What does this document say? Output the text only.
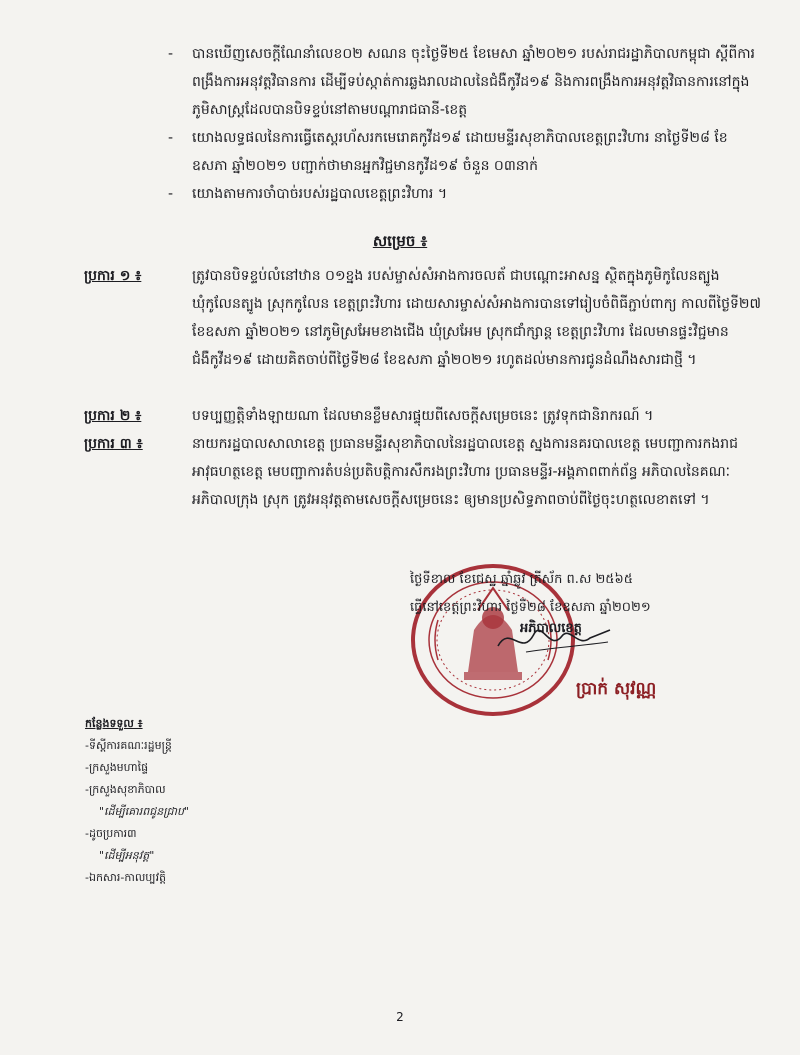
-	បានឃើញសេចក្តីណែនាំលេខ០២ សណន ចុះថ្ងៃទី២៥ ខែមេសា ឆ្នាំ២០២១ របស់រាជរដ្ឋាភិបាលកម្ពុជា ស្តីពីការពង្រឹងការអនុវត្តវិធានការ ដើម្បីទប់ស្កាត់ការឆ្លងរាលដាលនៃជំងឺកូវីដ១៩ និងការពង្រឹងការអនុវត្តវិធានការនៅក្នុងភូមិសាស្ត្រដែលបានបិទខ្ទប់នៅតាមបណ្តារាជធានី-ខេត្ត
-	យោងលទ្ធផលនៃការធ្វើតេស្តរហ័សរកមេរោគកូវីដ១៩ ដោយមន្ទីរសុខាភិបាលខេត្តព្រះវិហារ នាថ្ងៃទី២៨ ខែឧសភា ឆ្នាំ២០២១ បញ្ជាក់ថាមានអ្នកវិជ្ជមានកូវីដ១៩ ចំនួន ០៣នាក់
-	យោងតាមការចាំបាច់របស់រដ្ឋបាលខេត្តព្រះវិហារ ។
សម្រេច ៖
ប្រការ ១ ៖	ត្រូវបានបិទខ្ទប់លំនៅឋាន ០១ខ្នង របស់ម្ចាស់សំអាងការចលត័ ជាបណ្តោះអាសន្ន ស្ថិតក្នុងភូមិកូលែនត្បូង ឃុំកូលែនត្បូង ស្រុកកូលែន ខេត្តព្រះវិហារ ដោយសារម្ចាស់សំអាងការបានទៅរៀបចំពិធីភ្ជាប់ពាក្យ កាលពីថ្ងៃទី២៧ ខែឧសភា ឆ្នាំ២០២១ នៅភូមិស្រអែមខាងជើង ឃុំស្រអែម ស្រុកជាំក្សាន្ត ខេត្តព្រះវិហារ ដែលមានផ្ទះវិជ្ជមានជំងឺកូវីដ១៩ ដោយគិតចាប់ពីថ្ងៃទី២៨ ខែឧសភា ឆ្នាំ២០២១ រហូតដល់មានការជូនដំណឹងសារជាថ្មី ។
ប្រការ ២ ៖	បទប្បញ្ញត្តិទាំងឡាយណា ដែលមានខ្លឹមសារផ្ទុយពីសេចក្តីសម្រេចនេះ ត្រូវទុកជានិរាករណ៍ ។
ប្រការ ៣ ៖	នាយករដ្ឋបាលសាលាខេត្ត ប្រធានមន្ទីរសុខាភិបាលនៃរដ្ឋបាលខេត្ត ស្នងការនគរបាលខេត្ត មេបញ្ជាការកងរាជអាវុធហត្ថខេត្ត មេបញ្ជាការតំបន់ប្រតិបត្តិការសឹករងព្រះវិហារ ប្រធានមន្ទីរ-អង្គភាពពាក់ព័ន្ធ អភិបាលនៃគណៈអភិបាលក្រុង ស្រុក ត្រូវអនុវត្តតាមសេចក្តីសម្រេចនេះ ឲ្យមានប្រសិទ្ធភាពចាប់ពីថ្ងៃចុះហត្ថលេខាតទៅ ។
ថ្ងៃទីខាល ខែជេស្ឋ ឆ្នាំឆ្លូវ ត្រីស័ក ព.ស ២៥៦៥
ធ្វើនៅខេត្តព្រះវិហារ ថ្ងៃទី២៨ ខែឧសភា ឆ្នាំ២០២១
អភិបាលខេត្ត
ប្រាក់ សុវណ្ណ
កន្លែងទទួល ៖
-ទីស្តីការគណៈរដ្ឋមន្ត្រី
-ក្រសួងមហាផ្ទៃ
-ក្រសួងសុខាភិបាល
"ដើម្បីគោរពជូនជ្រាប"
-ដូចប្រការ៣
"ដើម្បីអនុវត្ត"
-ឯកសារ-កាលប្បវត្តិ
2
